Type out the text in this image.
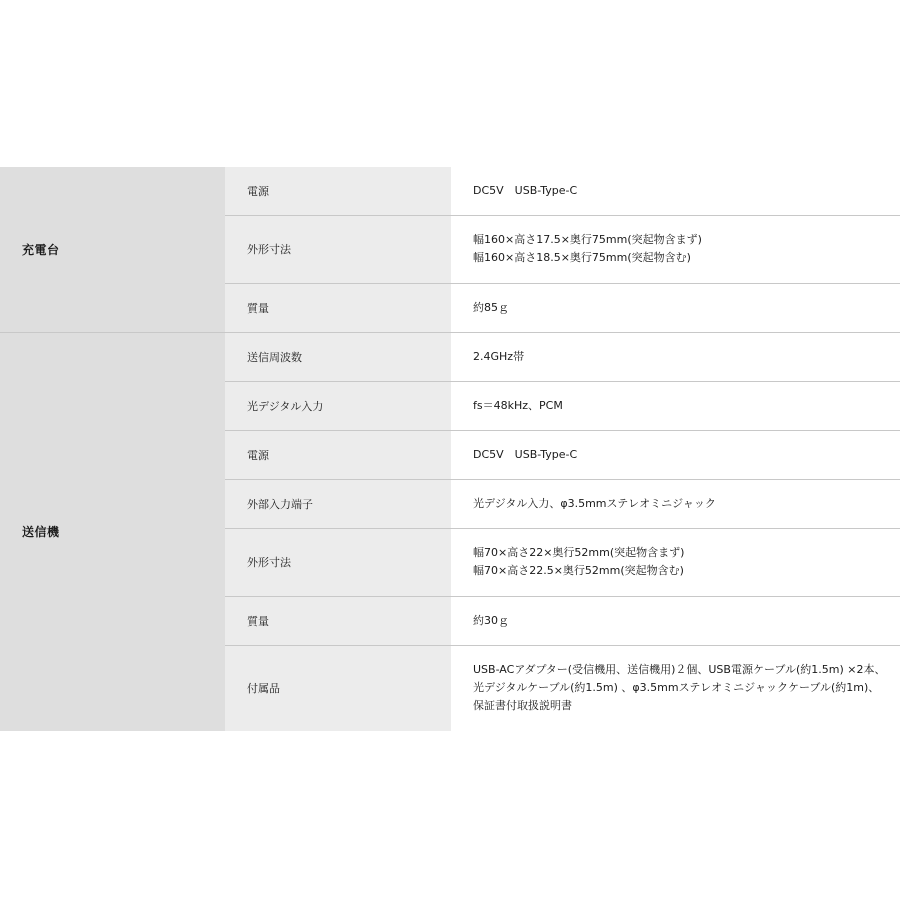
充電台	電源	DC5V　USB-Type-C

	外形寸法	幅160×高さ17.5×奥行75mm(突起物含まず)
幅160×高さ18.5×奥行75mm(突起物含む)

	質量	約85ｇ

送信機	送信周波数	2.4GHz帯

	光デジタル入力	fs＝48kHz、PCM

	電源	DC5V　USB-Type-C

	外部入力端子	光デジタル入力、φ3.5mmステレオミニジャック

	外形寸法	幅70×高さ22×奥行52mm(突起物含まず)
幅70×高さ22.5×奥行52mm(突起物含む)

	質量	約30ｇ

	付属品	USB-ACアダプター(受信機用、送信機用)２個、USB電源ケーブル(約1.5m) ×2本、
光デジタルケーブル(約1.5m) 、φ3.5mmステレオミニジャックケーブル(約1m)、
保証書付取扱説明書
